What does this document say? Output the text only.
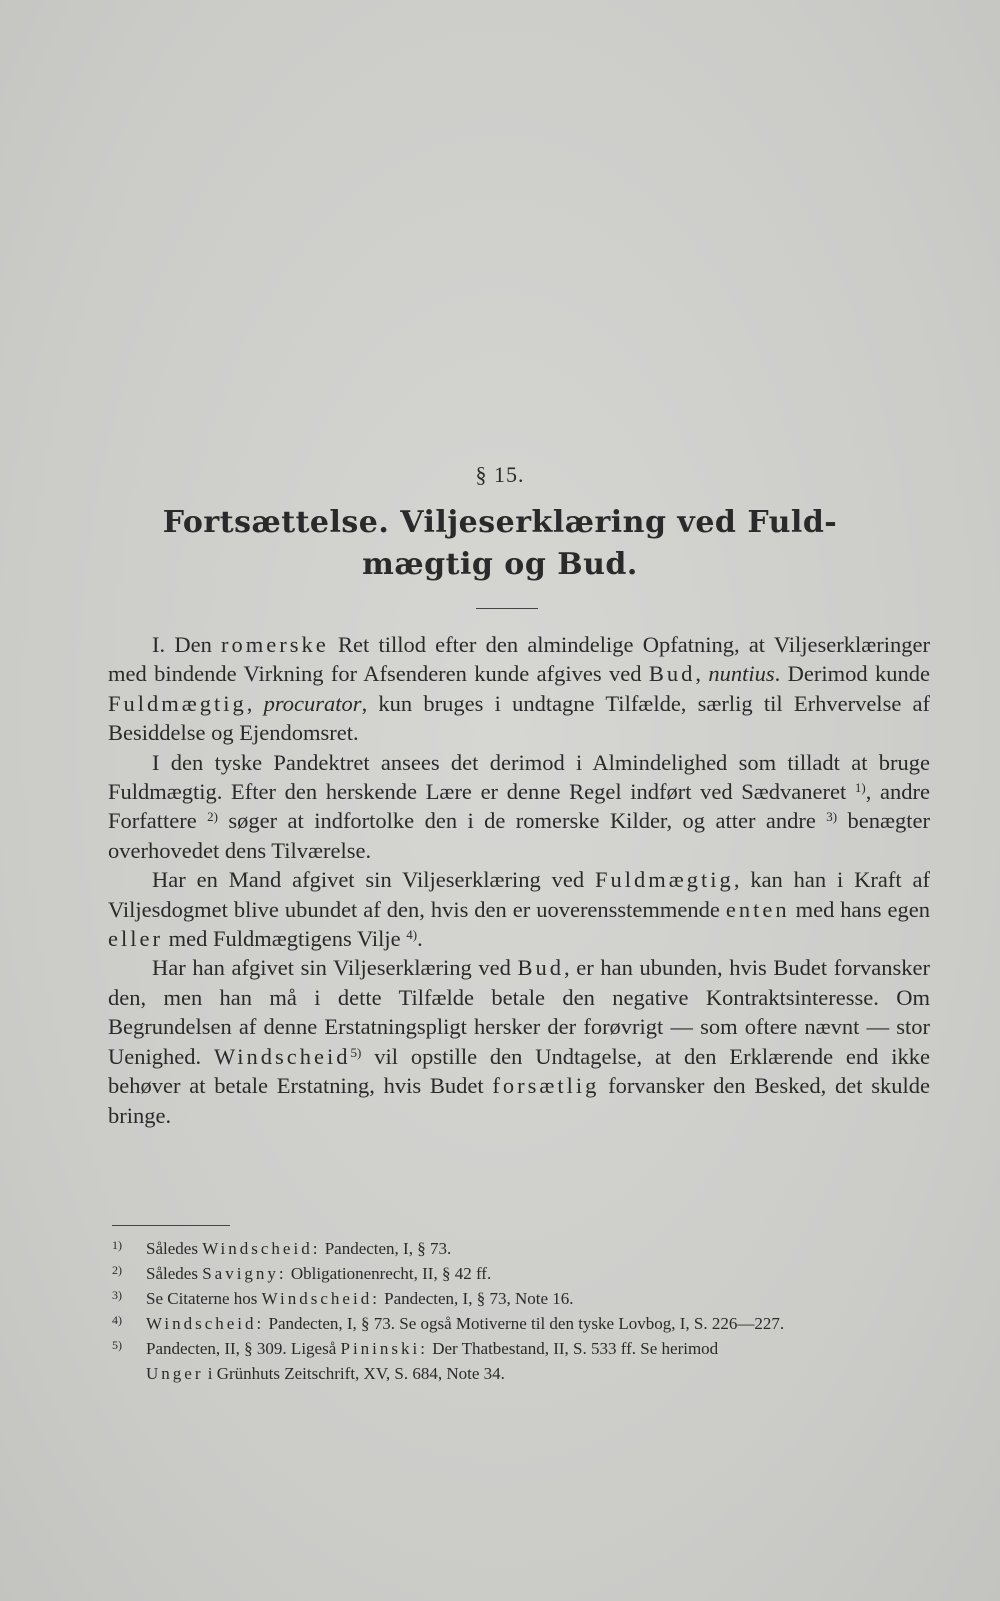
§ 15.
Fortsættelse. Viljeserklæring ved Fuld-
mægtig og Bud.

I. Den romerske Ret tillod efter den almindelige Opfatning, at Viljeserklæringer med bindende Virkning for Afsenderen kunde afgives ved Bud, nuntius. Derimod kunde Fuldmægtig, procurator, kun bruges i undtagne Tilfælde, særlig til Erhvervelse af Besiddelse og Ejendomsret.

I den tyske Pandektret ansees det derimod i Almindelighed som tilladt at bruge Fuldmægtig. Efter den herskende Lære er denne Regel indført ved Sædvaneret $^{1)}$, andre Forfattere $^{2)}$ søger at indfortolke den i de romerske Kilder, og atter andre $^{3)}$ benægter overhovedet dens Tilværelse.

Har en Mand afgivet sin Viljeserklæring ved Fuldmægtig, kan han i Kraft af Viljesdogmet blive ubundet af den, hvis den er uoverensstemmende enten med hans egen eller med Fuldmægtigens Vilje $^{4)}$.

Har han afgivet sin Viljeserklæring ved Bud, er han ubunden, hvis Budet forvansker den, men han må i dette Tilfælde betale den negative Kontraktsinteresse. Om Begrundelsen af denne Erstatningspligt hersker der forøvrigt — som oftere nævnt — stor Uenighed. Windscheid$^{5)}$ vil opstille den Undtagelse, at den Erklærende end ikke behøver at betale Erstatning, hvis Budet forsætlig forvansker den Besked, det skulde bringe.

$^{1)}$	Således Windscheid: Pandecten, I, § 73.
$^{2)}$	Således Savigny: Obligationenrecht, II, § 42 ff.
$^{3)}$	Se Citaterne hos Windscheid: Pandecten, I, § 73, Note 16.
$^{4)}$	Windscheid: Pandecten, I, § 73. Se også Motiverne til den tyske Lovbog, I, S. 226—227.
$^{5)}$	Pandecten, II, § 309. Ligeså Pininski: Der Thatbestand, II, S. 533 ff. Se herimod
Unger i Grünhuts Zeitschrift, XV, S. 684, Note 34.
